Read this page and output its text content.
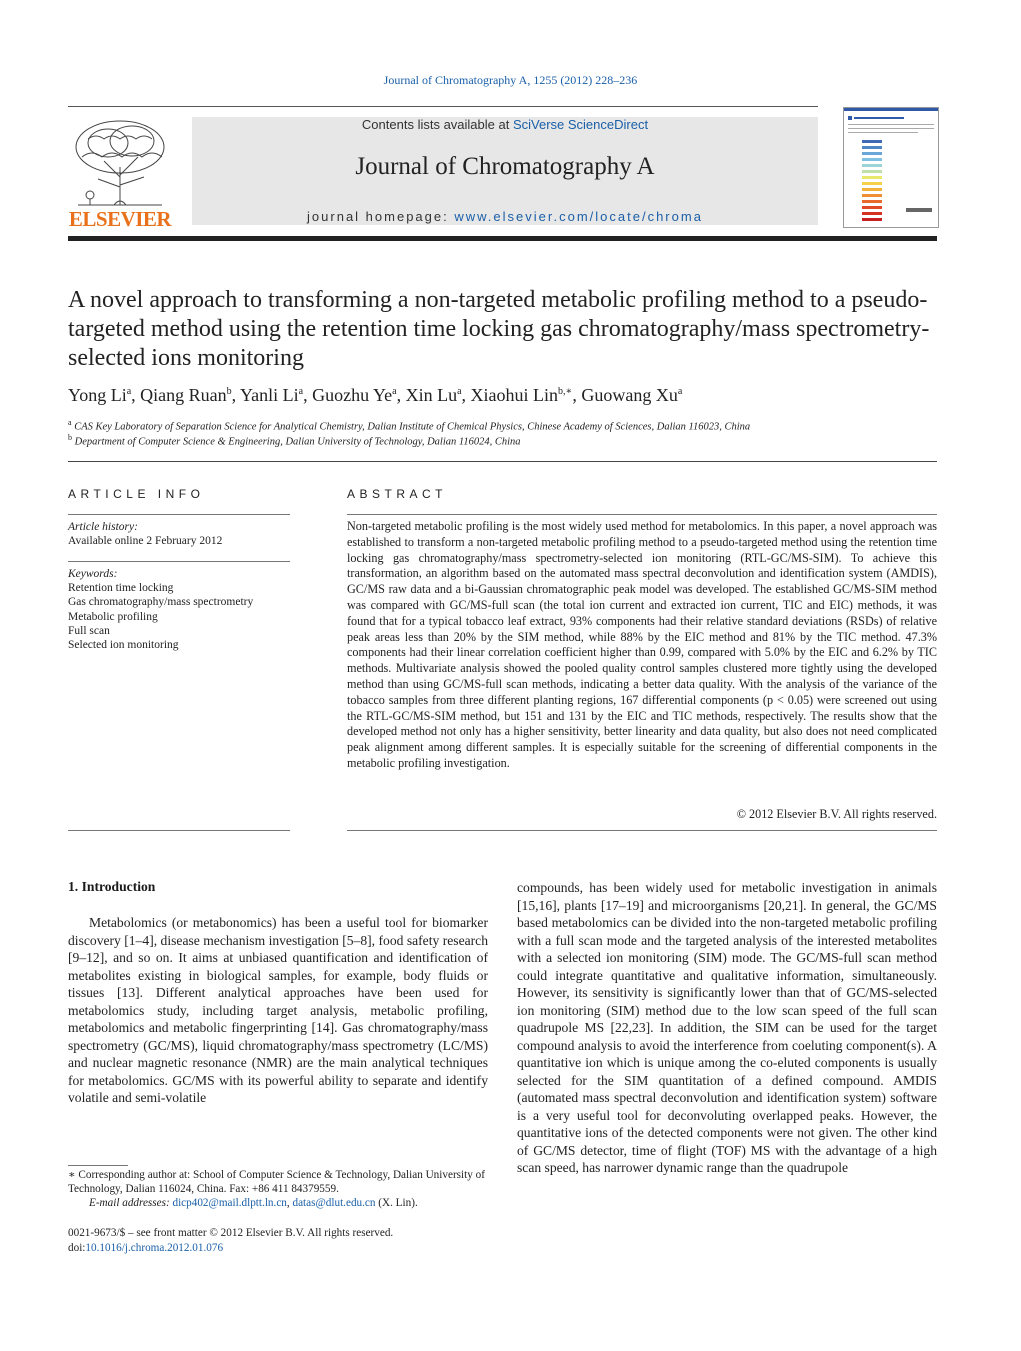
Journal of Chromatography A, 1255 (2012) 228–236
ELSEVIER
Contents lists available at SciVerse ScienceDirect
Journal of Chromatography A
journal homepage: www.elsevier.com/locate/chroma
A novel approach to transforming a non-targeted metabolic profiling method to a pseudo-targeted method using the retention time locking gas chromatography/mass spectrometry-selected ions monitoring
Yong Li$^a$, Qiang Ruan$^b$, Yanli Li$^a$, Guozhu Ye$^a$, Xin Lu$^a$, Xiaohui Lin$^{b,∗}$, Guowang Xu$^a$
$^a$ CAS Key Laboratory of Separation Science for Analytical Chemistry, Dalian Institute of Chemical Physics, Chinese Academy of Sciences, Dalian 116023, China
$^b$ Department of Computer Science & Engineering, Dalian University of Technology, Dalian 116024, China
ARTICLE INFO
Article history:
Available online 2 February 2012
Keywords:
Retention time locking
Gas chromatography/mass spectrometry
Metabolic profiling
Full scan
Selected ion monitoring
ABSTRACT
Non-targeted metabolic profiling is the most widely used method for metabolomics. In this paper, a novel approach was established to transform a non-targeted metabolic profiling method to a pseudo-targeted method using the retention time locking gas chromatography/mass spectrometry-selected ion monitoring (RTL-GC/MS-SIM). To achieve this transformation, an algorithm based on the automated mass spectral deconvolution and identification system (AMDIS), GC/MS raw data and a bi-Gaussian chromatographic peak model was developed. The established GC/MS-SIM method was compared with GC/MS-full scan (the total ion current and extracted ion current, TIC and EIC) methods, it was found that for a typical tobacco leaf extract, 93% components had their relative standard deviations (RSDs) of relative peak areas less than 20% by the SIM method, while 88% by the EIC method and 81% by the TIC method. 47.3% components had their linear correlation coefficient higher than 0.99, compared with 5.0% by the EIC and 6.2% by TIC methods. Multivariate analysis showed the pooled quality control samples clustered more tightly using the developed method than using GC/MS-full scan methods, indicating a better data quality. With the analysis of the variance of the tobacco samples from three different planting regions, 167 differential components (p < 0.05) were screened out using the RTL-GC/MS-SIM method, but 151 and 131 by the EIC and TIC methods, respectively. The results show that the developed method not only has a higher sensitivity, better linearity and data quality, but also does not need complicated peak alignment among different samples. It is especially suitable for the screening of differential components in the metabolic profiling investigation.
© 2012 Elsevier B.V. All rights reserved.
1. Introduction
Metabolomics (or metabonomics) has been a useful tool for biomarker discovery [1–4], disease mechanism investigation [5–8], food safety research [9–12], and so on. It aims at unbiased quantification and identification of metabolites existing in biological samples, for example, body fluids or tissues [13]. Different analytical approaches have been used for metabolomics study, including target analysis, metabolic profiling, metabolomics and metabolic fingerprinting [14]. Gas chromatography/mass spectrometry (GC/MS), liquid chromatography/mass spectrometry (LC/MS) and nuclear magnetic resonance (NMR) are the main analytical techniques for metabolomics. GC/MS with its powerful ability to separate and identify volatile and semi-volatile
compounds, has been widely used for metabolic investigation in animals [15,16], plants [17–19] and microorganisms [20,21]. In general, the GC/MS based metabolomics can be divided into the non-targeted metabolic profiling with a full scan mode and the targeted analysis of the interested metabolites with a selected ion monitoring (SIM) mode. The GC/MS-full scan method could integrate quantitative and qualitative information, simultaneously. However, its sensitivity is significantly lower than that of GC/MS-selected ion monitoring (SIM) method due to the low scan speed of the full scan quadrupole MS [22,23]. In addition, the SIM can be used for the target compound analysis to avoid the interference from coeluting component(s). A quantitative ion which is unique among the co-eluted components is usually selected for the SIM quantitation of a defined compound. AMDIS (automated mass spectral deconvolution and identification system) software is a very useful tool for deconvoluting overlapped peaks. However, the quantitative ions of the detected components were not given. The other kind of GC/MS detector, time of flight (TOF) MS with the advantage of a high scan speed, has narrower dynamic range than the quadrupole
∗ Corresponding author at: School of Computer Science & Technology, Dalian University of Technology, Dalian 116024, China. Fax: +86 411 84379559.
E-mail addresses: dicp402@mail.dlptt.ln.cn, datas@dlut.edu.cn (X. Lin).
0021-9673/$ – see front matter © 2012 Elsevier B.V. All rights reserved.
doi:10.1016/j.chroma.2012.01.076
